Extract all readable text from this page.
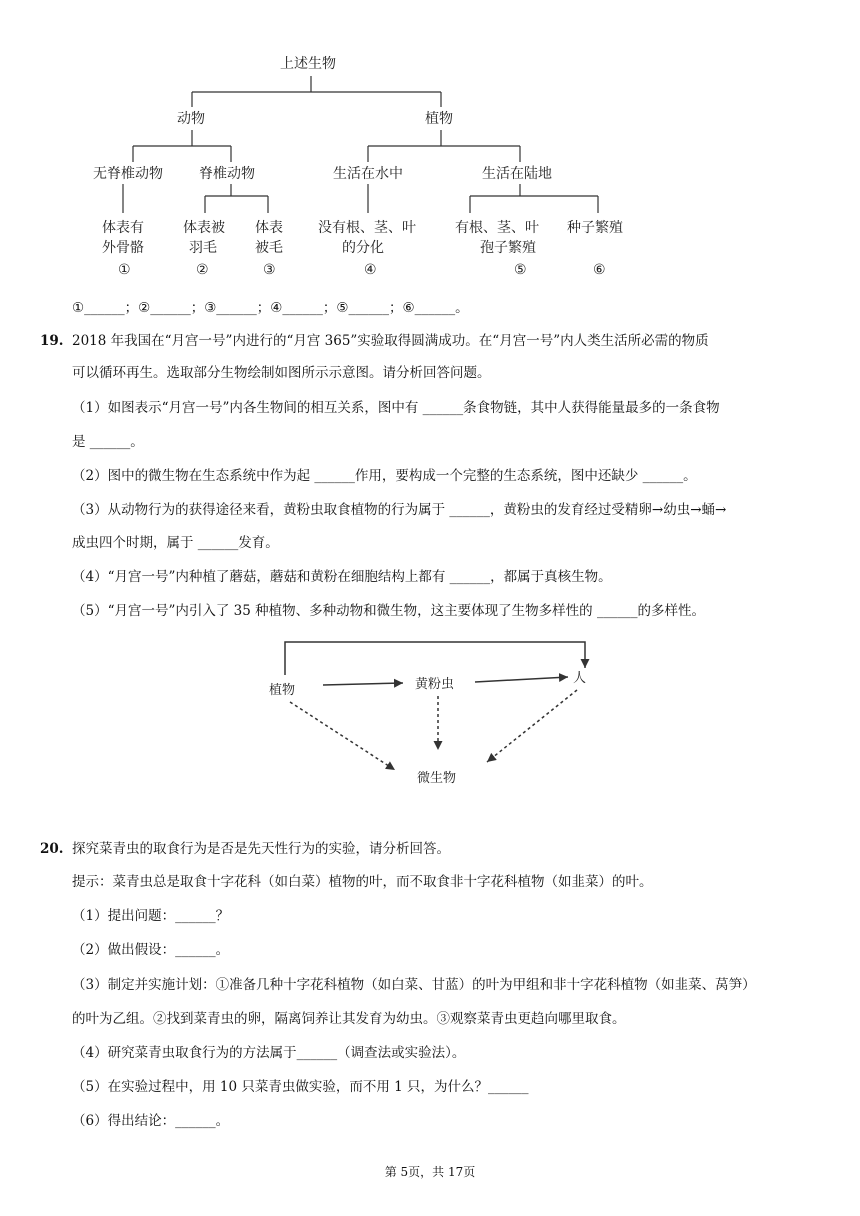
上述生物
动物	植物
无脊椎动物	脊椎动物	生活在水中	生活在陆地
体表有
外骨骼
①
体表被
羽毛
②
体表
被毛
③
没有根、茎、叶
的分化
④
有根、茎、叶
孢子繁殖
⑤
种子繁殖
⑥
①______；②______；③______；④______；⑤______；⑥______。
19. 2018 年我国在“月宫一号”内进行的“月宫 365”实验取得圆满成功。在“月宫一号”内人类生活所必需的物质
可以循环再生。选取部分生物绘制如图所示示意图。请分析回答问题。
（1）如图表示“月宫一号”内各生物间的相互关系，图中有 ______条食物链，其中人获得能量最多的一条食物
是 ______。
（2）图中的微生物在生态系统中作为起 ______作用，要构成一个完整的生态系统，图中还缺少 ______。
（3）从动物行为的获得途径来看，黄粉虫取食植物的行为属于 ______，黄粉虫的发育经过受精卵→幼虫→蛹→
成虫四个时期，属于 ______发育。
（4）“月宫一号”内种植了蘑菇，蘑菇和黄粉在细胞结构上都有 ______，都属于真核生物。
（5）“月宫一号”内引入了 35 种植物、多种动物和微生物，这主要体现了生物多样性的 ______的多样性。
植物	黄粉虫	人
微生物
20. 探究菜青虫的取食行为是否是先天性行为的实验，请分析回答。
提示：菜青虫总是取食十字花科（如白菜）植物的叶，而不取食非十字花科植物（如韭菜）的叶。
（1）提出问题：______？
（2）做出假设：______。
（3）制定并实施计划：①准备几种十字花科植物（如白菜、甘蓝）的叶为甲组和非十字花科植物（如韭菜、莴笋）
的叶为乙组。②找到菜青虫的卵，隔离饲养让其发育为幼虫。③观察菜青虫更趋向哪里取食。
（4）研究菜青虫取食行为的方法属于______（调查法或实验法）。
（5）在实验过程中，用 10 只菜青虫做实验，而不用 1 只，为什么？______
（6）得出结论：______。
第 5页，共 17页
